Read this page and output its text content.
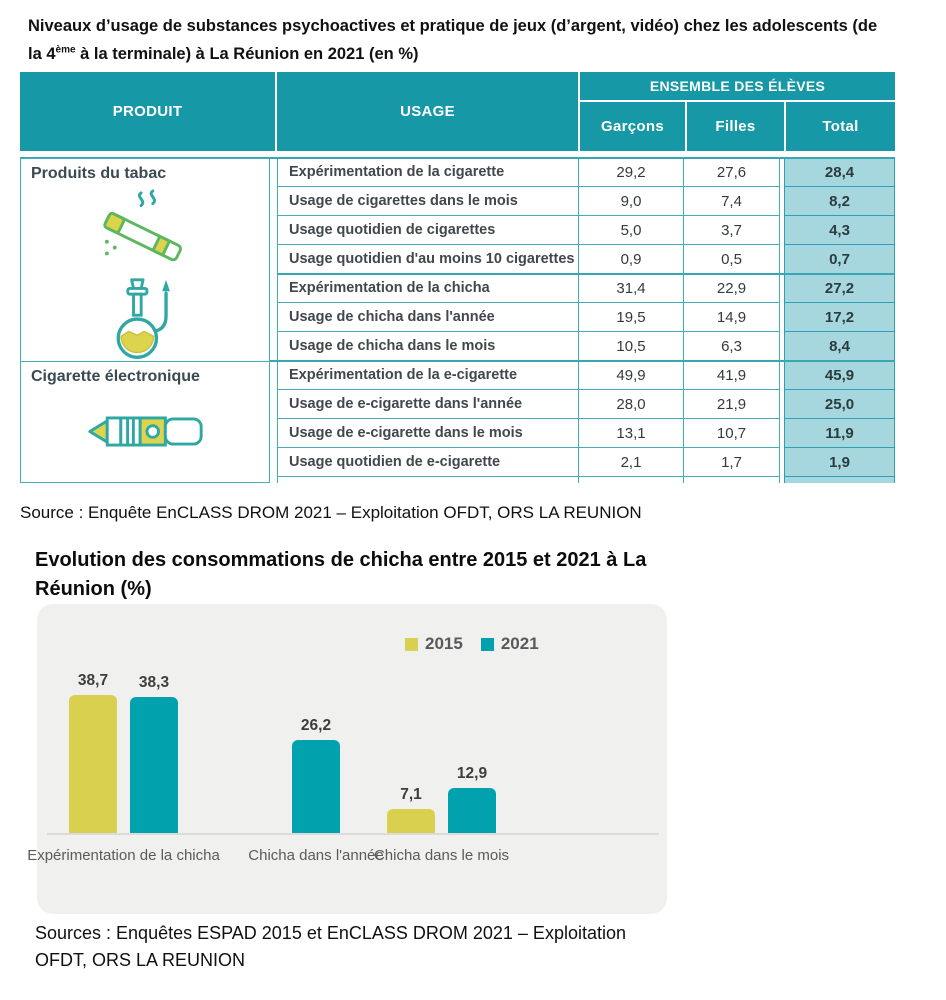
Niveaux d’usage de substances psychoactives et pratique de jeux (d’argent, vidéo) chez les adolescents (de
la 4ème à la terminale) à La Réunion en 2021 (en %)
PRODUIT	USAGE
ENSEMBLE DES ÉLÈVES
Garçons	Filles	Total
Produits du tabac	Expérimentation de la cigarette	29,2	27,6	28,4
Usage de cigarettes dans le mois	9,0	7,4	8,2
Usage quotidien de cigarettes	5,0	3,7	4,3
Usage quotidien d'au moins 10 cigarettes	0,9	0,5	0,7
Expérimentation de la chicha	31,4	22,9	27,2
Usage de chicha dans l'année	19,5	14,9	17,2
Usage de chicha dans le mois	10,5	6,3	8,4
Cigarette électronique	Expérimentation de la e-cigarette	49,9	41,9	45,9
Usage de e-cigarette dans l'année	28,0	21,9	25,0
Usage de e-cigarette dans le mois	13,1	10,7	11,9
Usage quotidien de e-cigarette	2,1	1,7	1,9
Source : Enquête EnCLASS DROM 2021 – Exploitation OFDT, ORS LA REUNION
Evolution des consommations de chicha entre 2015 et 2021 à La
Réunion (%)
2015 2021
38,7 38,3
26,2
7,1
12,9
Expérimentation de la chicha Chicha dans l'année
Chicha dans le mois
Sources : Enquêtes ESPAD 2015 et EnCLASS DROM 2021 – Exploitation
OFDT, ORS LA REUNION
